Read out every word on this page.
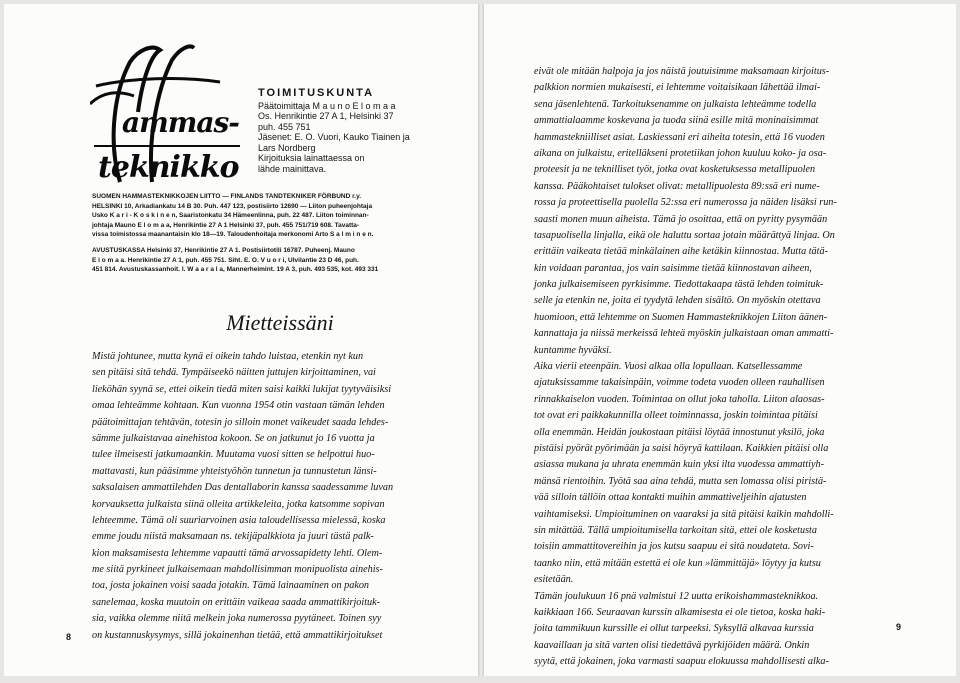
ammas-
teknikko
TOIMITUSKUNTA
Päätoimittaja M a u n o E l o m a a
Os. Henrikintie 27 A 1, Helsinki 37
puh. 455 751
Jäsenet: E. O. Vuori, Kauko Tiainen ja
Lars Nordberg
Kirjoituksia lainattaessa on
lähde mainittava.
SUOMEN HAMMASTEKNIKKOJEN LIITTO — FINLANDS TANDTEKNIKER FÖRBUND r.y.
HELSINKI 10, Arkadiankatu 14 B 30. Puh. 447 123, postisiirto 12690 — Liiton puheenjohtaja
Usko K a r i - K o s k i n e n, Saaristonkatu 34 Hämeenlinna, puh. 22 487. Liiton toiminnan-
johtaja Mauno E l o m a a, Henrikintie 27 A 1 Helsinki 37, puh. 455 751/719 608. Tavatta-
vissa toimistossa maanantaisin klo 18—19. Taloudenhoitaja merkonomi Arto S a l m i n e n.
AVUSTUSKASSA Helsinki 37, Henrikintie 27 A 1. Postisiirtotili 16787. Puheenj. Mauno
E l o m a a. Henrikintie 27 A 1, puh. 455 751. Siht. E. O. V u o r i, Ulvilantie 23 D 46, puh.
451 814. Avustuskassanhoit. I. W a a r a l a, Mannerheimint. 19 A 3, puh. 493 535, kot. 493 331
Mietteissäni
Mistä johtunee, mutta kynä ei oikein tahdo luistaa, etenkin nyt kun
sen pitäisi sitä tehdä. Tympäiseekö näitten juttujen kirjoittaminen, vai
lieköhän syynä se, ettei oikein tiedä miten saisi kaikki lukijat tyytyväisiksi
omaa lehteämme kohtaan. Kun vuonna 1954 otin vastaan tämän lehden
päätoimittajan tehtävän, totesin jo silloin monet vaikeudet saada lehdes-
sämme julkaistavaa ainehistoa kokoon. Se on jatkunut jo 16 vuotta ja
tulee ilmeisesti jatkumaankin. Muutama vuosi sitten se helpottui huo-
mattavasti, kun pääsimme yhteistyöhön tunnetun ja tunnustetun länsi-
saksalaisen ammattilehden Das dentallaborin kanssa saadessamme luvan
korvauksetta julkaista siinä olleita artikkeleita, jotka katsomme sopivan
lehteemme. Tämä oli suuriarvoinen asia taloudellisessa mielessä, koska
emme joudu niistä maksamaan ns. tekijäpalkkiota ja juuri tästä palk-
kion maksamisesta lehtemme vapautti tämä arvossapidetty lehti. Olem-
me siitä pyrkineet julkaisemaan mahdollisimman monipuolista ainehis-
toa, josta jokainen voisi saada jotakin. Tämä lainaaminen on pakon
sanelemaa, koska muutoin on erittäin vaikeaa saada ammattikirjoituk-
sia, vaikka olemme niitä melkein joka numerossa pyytäneet. Toinen syy
on kustannuskysymys, sillä jokainenhan tietää, että ammattikirjoitukset
8
eivät ole mitään halpoja ja jos näistä joutuisimme maksamaan kirjoitus-
palkkion normien mukaisesti, ei lehtemme voitaisikaan lähettää ilmai-
sena jäsenlehtenä. Tarkoituksenamme on julkaista lehteämme todella
ammattialaamme koskevana ja tuoda siinä esille mitä moninaisimmat
hammastekniilliset asiat. Laskiessani eri aiheita totesin, että 16 vuoden
aikana on julkaistu, eritelläkseni protetiikan johon kuuluu koko- ja osa-
proteesit ja ne teknilliset työt, jotka ovat kosketuksessa metallipuolen
kanssa. Pääkohtaiset tulokset olivat: metallipuolesta 89:ssä eri nume-
rossa ja proteettisella puolella 52:ssa eri numerossa ja näiden lisäksi run-
saasti monen muun aiheista. Tämä jo osoittaa, että on pyritty pysymään
tasapuolisella linjalla, eikä ole haluttu sortaa jotain määrättyä linjaa. On
erittäin vaikeata tietää minkälainen aihe ketäkin kiinnostaa. Mutta tätä-
kin voidaan parantaa, jos vain saisimme tietää kiinnostavan aiheen,
jonka julkaisemiseen pyrkisimme. Tiedottakaapa tästä lehden toimituk-
selle ja etenkin ne, joita ei tyydytä lehden sisältö. On myöskin otettava
huomioon, että lehtemme on Suomen Hammasteknikkojen Liiton äänen-
kannattaja ja niissä merkeissä lehteä myöskin julkaistaan oman ammatti-
kuntamme hyväksi.
Aika vierii eteenpäin. Vuosi alkaa olla lopullaan. Katsellessamme
ajatuksissamme takaisinpäin, voimme todeta vuoden olleen rauhallisen
rinnakkaiselon vuoden. Toimintaa on ollut joka taholla. Liiton alaosas-
tot ovat eri paikkakunnilla olleet toiminnassa, joskin toimintaa pitäisi
olla enemmän. Heidän joukostaan pitäisi löytää innostunut yksilö, joka
pistäisi pyörät pyörimään ja saisi höyryä kattilaan. Kaikkien pitäisi olla
asiassa mukana ja uhrata enemmän kuin yksi ilta vuodessa ammattiyh-
mänsä rientoihin. Työtä saa aina tehdä, mutta sen lomassa olisi piristä-
vää silloin tällöin ottaa kontakti muihin ammattiveljeihin ajatusten
vaihtamiseksi. Umpioituminen on vaaraksi ja sitä pitäisi kaikin mahdolli-
sin mitättää. Tällä umpioitumisella tarkoitan sitä, ettei ole kosketusta
toisiin ammattitovereihin ja jos kutsu saapuu ei sitä noudateta. Sovi-
taanko niin, että mitään estettä ei ole kun »lämmittäjä» löytyy ja kutsu
esitetään.
Tämän joulukuun 16 pnä valmistui 12 uutta erikoishammasteknikkoa.
kaikkiaan 166. Seuraavan kurssin alkamisesta ei ole tietoa, koska haki-
joita tammikuun kurssille ei ollut tarpeeksi. Syksyllä alkavaa kurssia
kaavaillaan ja sitä varten olisi tiedettävä pyrkijöiden määrä. Onkin
syytä, että jokainen, joka varmasti saapuu elokuussa mahdollisesti alka-
9
